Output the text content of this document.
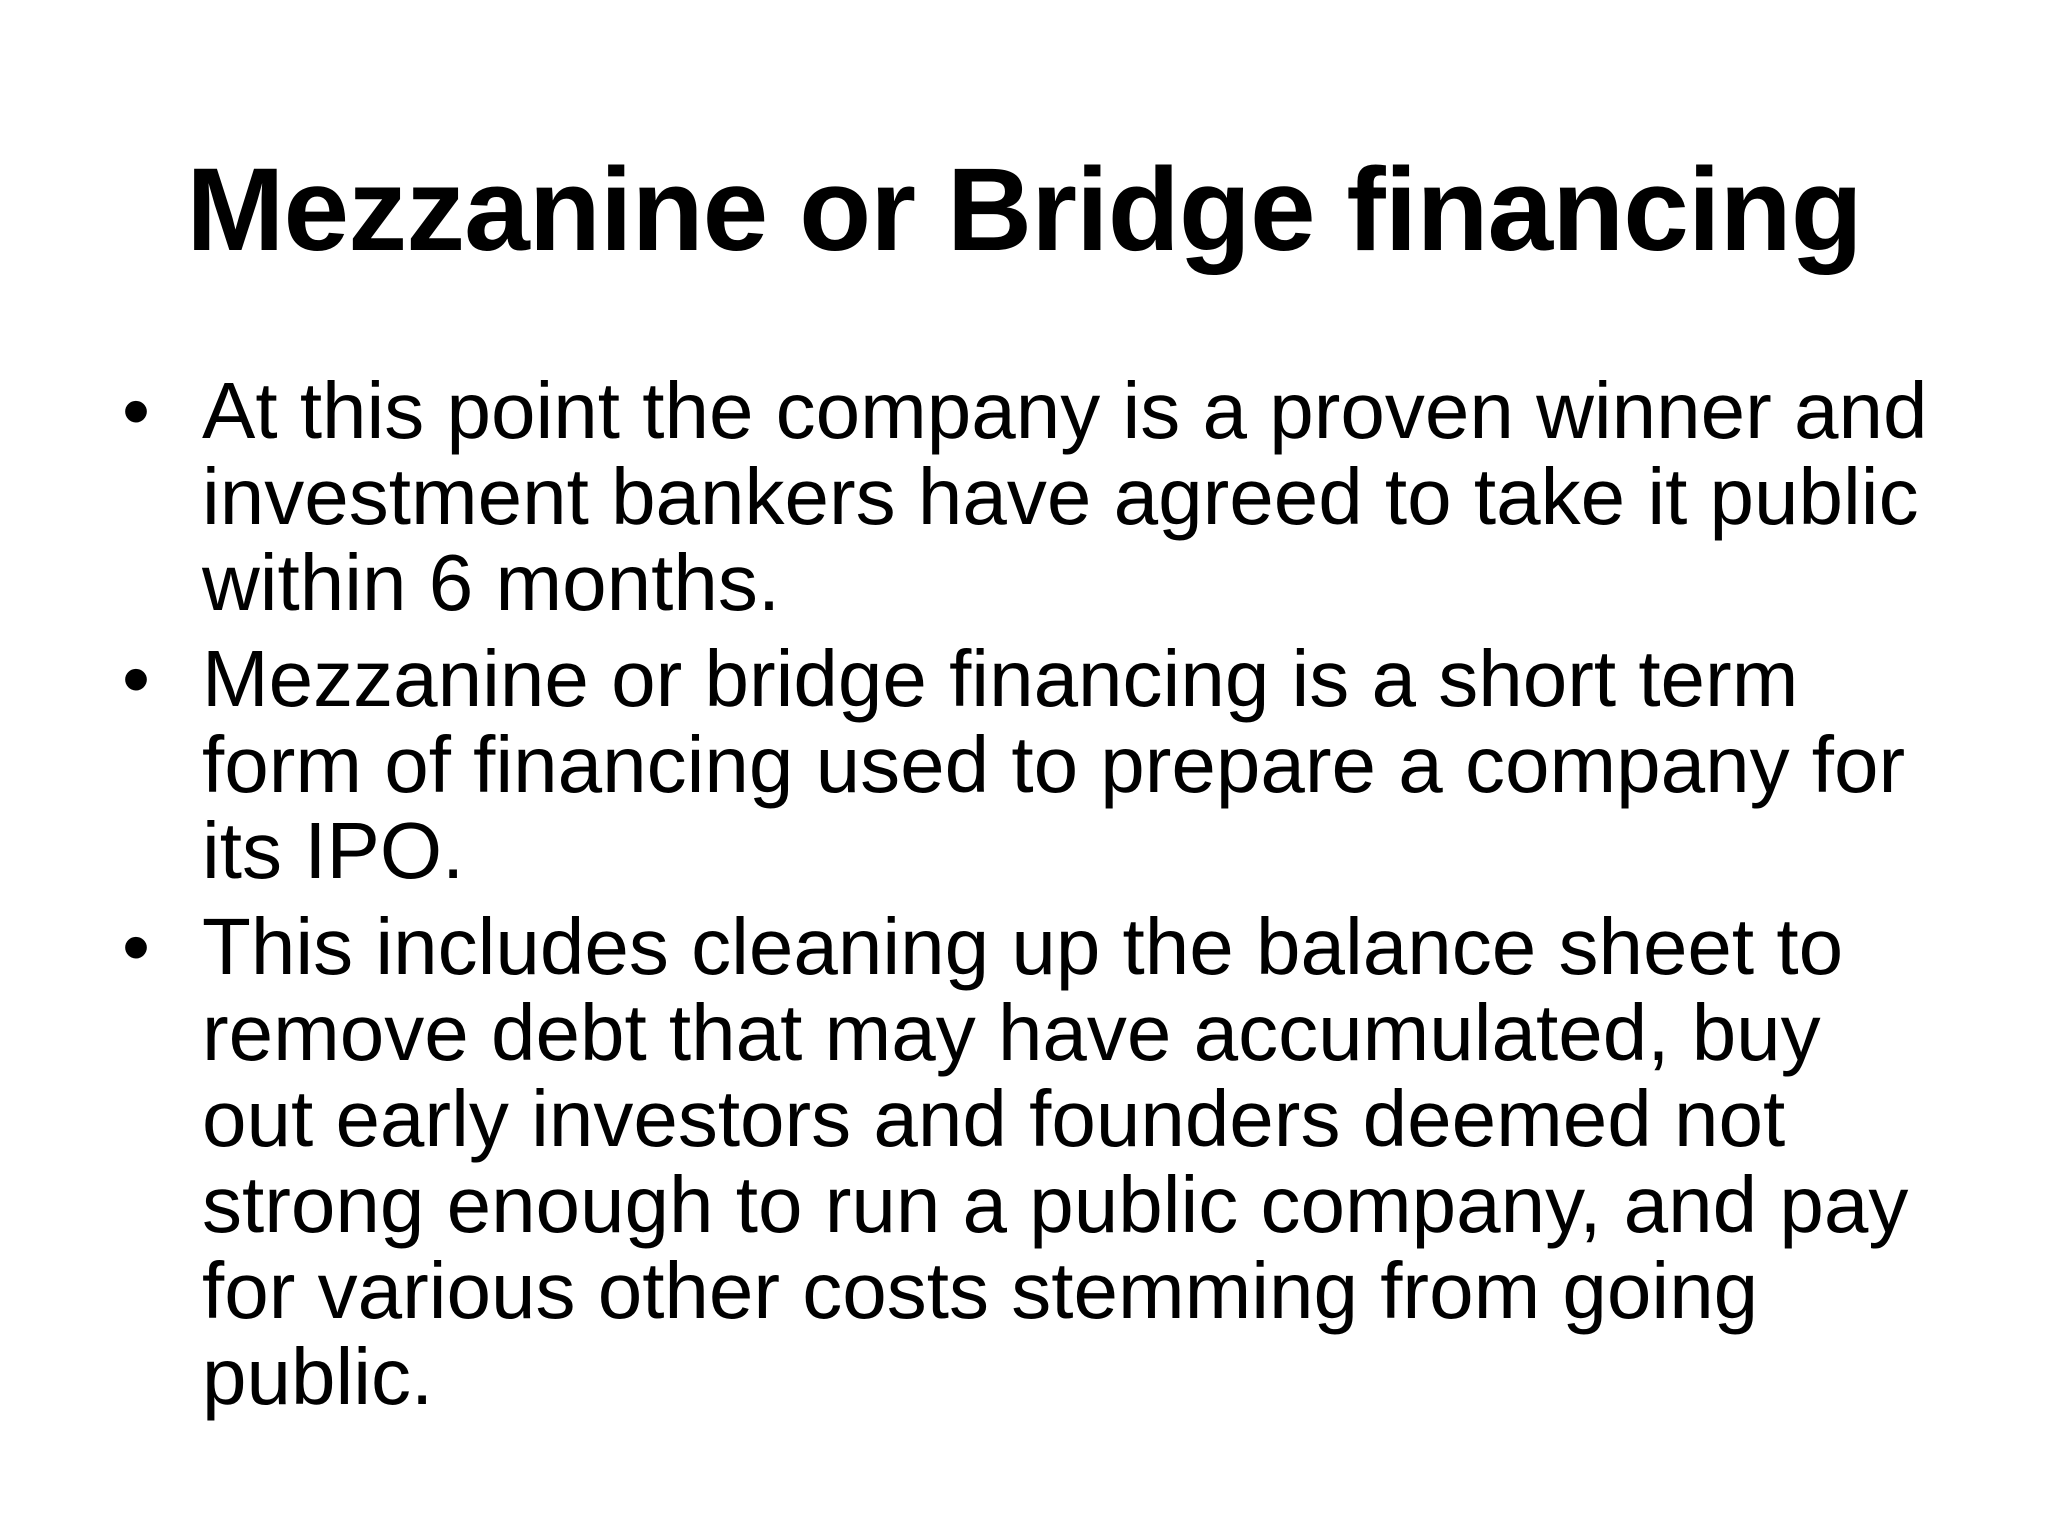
Mezzanine or Bridge financing
• At this point the company is a proven winner and investment bankers have agreed to take it public within 6 months.
• Mezzanine or bridge financing is a short term form of financing used to prepare a company for its IPO.
• This includes cleaning up the balance sheet to remove debt that may have accumulated, buy out early investors and founders deemed not strong enough to run a public company, and pay for various other costs stemming from going public.
